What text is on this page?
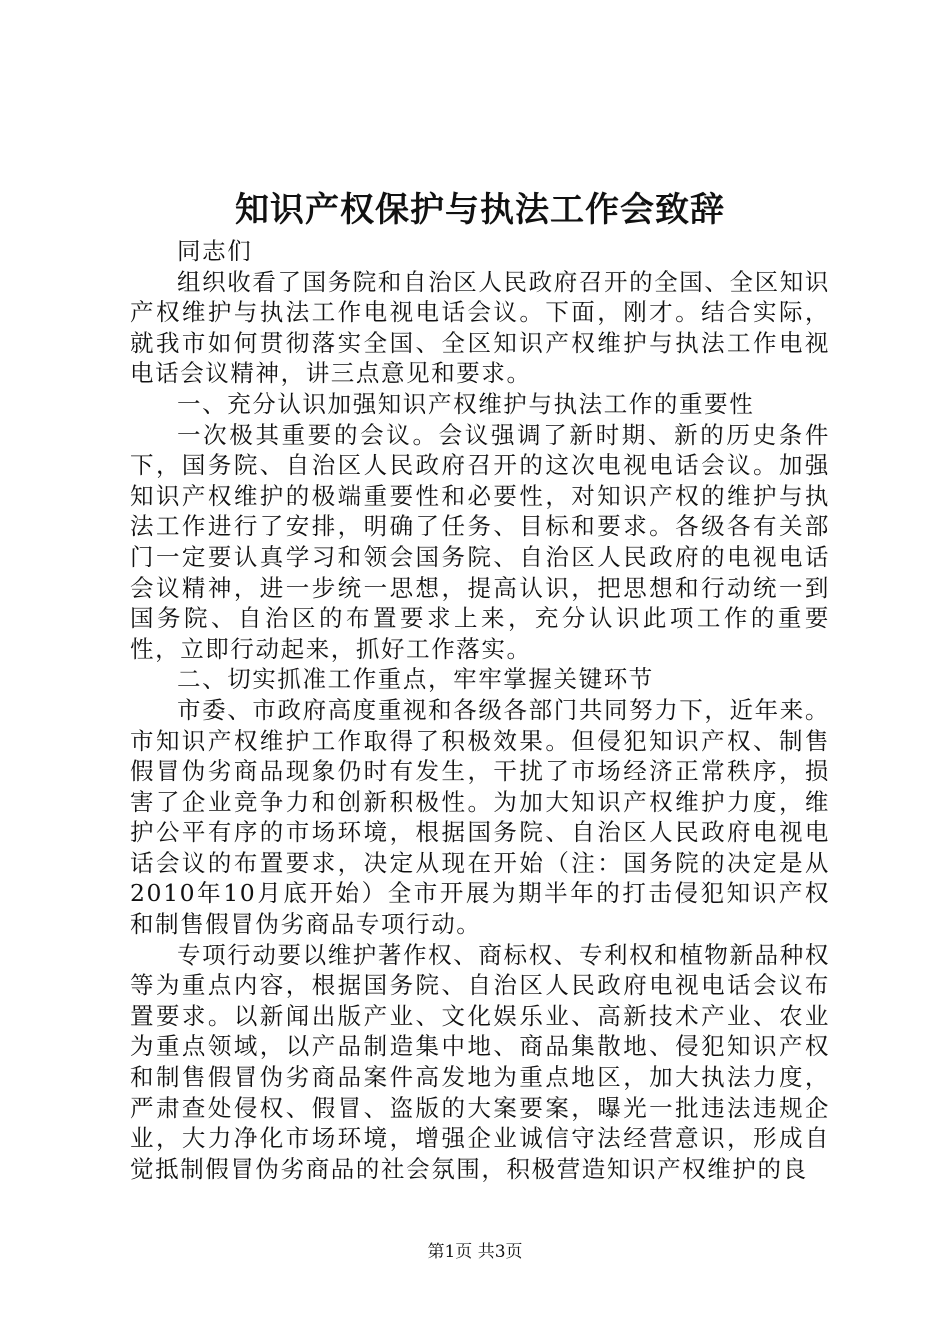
知识产权保护与执法工作会致辞

同志们

组织收看了国务院和自治区人民政府召开的全国、全区知识产权维护与执法工作电视电话会议。下面，刚才。结合实际，就我市如何贯彻落实全国、全区知识产权维护与执法工作电视电话会议精神，讲三点意见和要求。

一、充分认识加强知识产权维护与执法工作的重要性

一次极其重要的会议。会议强调了新时期、新的历史条件下，国务院、自治区人民政府召开的这次电视电话会议。加强知识产权维护的极端重要性和必要性，对知识产权的维护与执法工作进行了安排，明确了任务、目标和要求。各级各有关部门一定要认真学习和领会国务院、自治区人民政府的电视电话会议精神，进一步统一思想，提高认识，把思想和行动统一到国务院、自治区的布置要求上来，充分认识此项工作的重要性，立即行动起来，抓好工作落实。

二、切实抓准工作重点，牢牢掌握关键环节

市委、市政府高度重视和各级各部门共同努力下，近年来。市知识产权维护工作取得了积极效果。但侵犯知识产权、制售假冒伪劣商品现象仍时有发生，干扰了市场经济正常秩序，损害了企业竞争力和创新积极性。为加大知识产权维护力度，维护公平有序的市场环境，根据国务院、自治区人民政府电视电话会议的布置要求，决定从现在开始（注：国务院的决定是从2010年10月底开始）全市开展为期半年的打击侵犯知识产权和制售假冒伪劣商品专项行动。

专项行动要以维护著作权、商标权、专利权和植物新品种权等为重点内容，根据国务院、自治区人民政府电视电话会议布置要求。以新闻出版产业、文化娱乐业、高新技术产业、农业为重点领域，以产品制造集中地、商品集散地、侵犯知识产权和制售假冒伪劣商品案件高发地为重点地区，加大执法力度，严肃查处侵权、假冒、盗版的大案要案，曝光一批违法违规企业，大力净化市场环境，增强企业诚信守法经营意识，形成自觉抵制假冒伪劣商品的社会氛围，积极营造知识产权维护的良

第1页 共3页
